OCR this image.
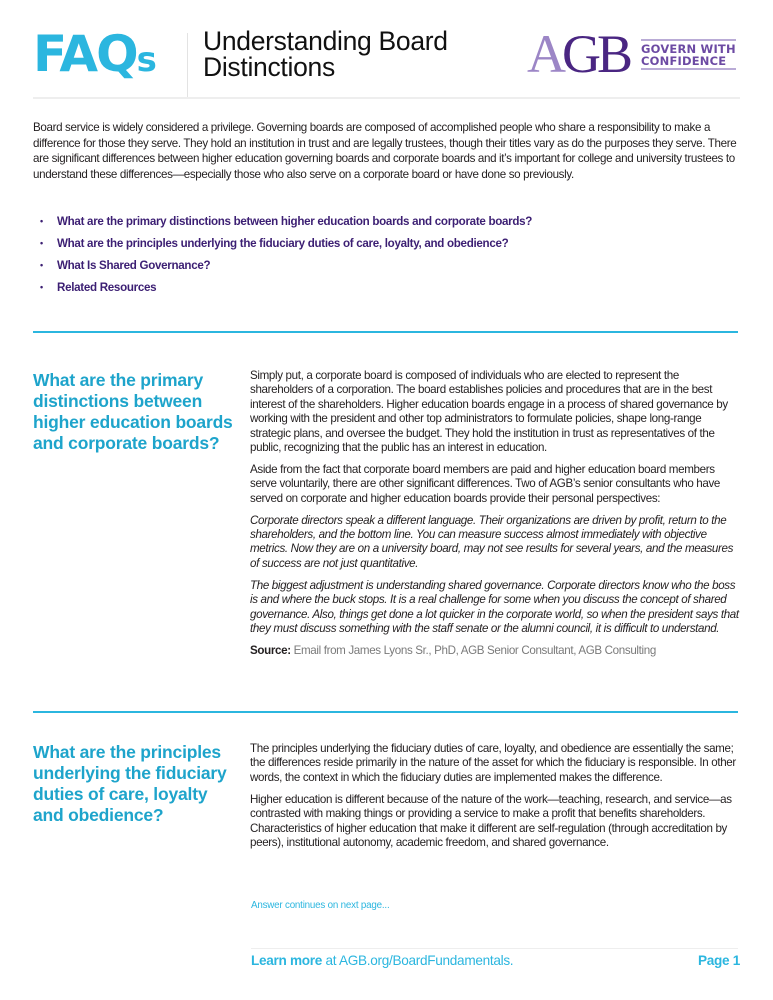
FAQs Understanding Board
Distinctions	AGB GOVERN WITH
CONFIDENCE

Board service is widely considered a privilege. Governing boards are composed of accomplished people who share a responsibility to make a difference for those they serve. They hold an institution in trust and are legally trustees, though their titles vary as do the purposes they serve. There are significant differences between higher education governing boards and corporate boards and it’s important for college and university trustees to understand these differences—especially those who also serve on a corporate board or have done so previously.

•	What are the primary distinctions between higher education boards and corporate boards?
•	What are the principles underlying the fiduciary duties of care, loyalty, and obedience?
•	What Is Shared Governance?
•	Related Resources
What are the primary distinctions between higher education boards and corporate boards?

Simply put, a corporate board is composed of individuals who are elected to represent the shareholders of a corporation. The board establishes policies and procedures that are in the best interest of the shareholders. Higher education boards engage in a process of shared governance by working with the president and other top administrators to formulate policies, shape long-range strategic plans, and oversee the budget. They hold the institution in trust as representatives of the public, recognizing that the public has an interest in education.

Aside from the fact that corporate board members are paid and higher education board members serve voluntarily, there are other significant differences. Two of AGB’s senior consultants who have served on corporate and higher education boards provide their personal perspectives:

Corporate directors speak a different language. Their organizations are driven by profit, return to the shareholders, and the bottom line. You can measure success almost immediately with objective metrics. Now they are on a university board, may not see results for several years, and the measures of success are not just quantitative.

The biggest adjustment is understanding shared governance. Corporate directors know who the boss is and where the buck stops. It is a real challenge for some when you discuss the concept of shared governance. Also, things get done a lot quicker in the corporate world, so when the president says that they must discuss something with the staff senate or the alumni council, it is difficult to understand.

Source: Email from James Lyons Sr., PhD, AGB Senior Consultant, AGB Consulting

What are the principles underlying the fiduciary duties of care, loyalty and obedience?

The principles underlying the fiduciary duties of care, loyalty, and obedience are essentially the same; the differences reside primarily in the nature of the asset for which the fiduciary is responsible. In other words, the context in which the fiduciary duties are implemented makes the difference.

Higher education is different because of the nature of the work—teaching, research, and service—as contrasted with making things or providing a service to make a profit that benefits shareholders. Characteristics of higher education that make it different are self-regulation (through accreditation by peers), institutional autonomy, academic freedom, and shared governance.

Answer continues on next page...
Learn more at AGB.org/BoardFundamentals.	Page 1
